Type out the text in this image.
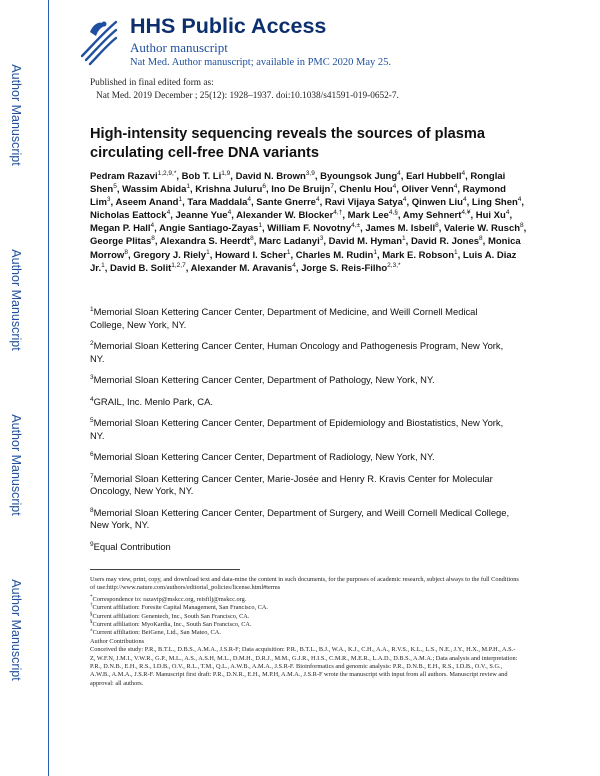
Author Manuscript
Author Manuscript
Author Manuscript
Author Manuscript
HHS Public Access
Author manuscript
Nat Med. Author manuscript; available in PMC 2020 May 25.
Published in final edited form as:
Nat Med. 2019 December ; 25(12): 1928–1937. doi:10.1038/s41591-019-0652-7.
High-intensity sequencing reveals the sources of plasma circulating cell-free DNA variants
Pedram Razavi$^{1,2,9,*}$, Bob T. Li$^{1,9}$, David N. Brown$^{3,9}$, Byoungsok Jung$^4$, Earl Hubbell$^4$, Ronglai Shen$^5$, Wassim Abida$^1$, Krishna Juluru$^6$, Ino De Bruijn$^7$, Chenlu Hou$^4$, Oliver Venn$^4$, Raymond Lim$^3$, Aseem Anand$^1$, Tara Maddala$^4$, Sante Gnerre$^4$, Ravi Vijaya Satya$^4$, Qinwen Liu$^4$, Ling Shen$^4$, Nicholas Eattock$^4$, Jeanne Yue$^4$, Alexander W. Blocker$^{4,\dagger}$, Mark Lee$^{4,\S}$, Amy Sehnert$^{4,¥}$, Hui Xu$^4$, Megan P. Hall$^4$, Angie Santiago-Zayas$^1$, William F. Novotny$^{4,\pm}$, James M. Isbell$^8$, Valerie W. Rusch$^8$, George Plitas$^8$, Alexandra S. Heerdt$^8$, Marc Ladanyi$^3$, David M. Hyman$^1$, David R. Jones$^8$, Monica Morrow$^8$, Gregory J. Riely$^1$, Howard I. Scher$^1$, Charles M. Rudin$^1$, Mark E. Robson$^1$, Luis A. Diaz Jr.$^1$, David B. Solit$^{1,2,7}$, Alexander M. Aravanis$^4$, Jorge S. Reis-Filho$^{2,3,*}$
$^1$Memorial Sloan Kettering Cancer Center, Department of Medicine, and Weill Cornell Medical College, New York, NY.
$^2$Memorial Sloan Kettering Cancer Center, Human Oncology and Pathogenesis Program, New York, NY.
$^3$Memorial Sloan Kettering Cancer Center, Department of Pathology, New York, NY.
$^4$GRAIL, Inc. Menlo Park, CA.
$^5$Memorial Sloan Kettering Cancer Center, Department of Epidemiology and Biostatistics, New York, NY.
$^6$Memorial Sloan Kettering Cancer Center, Department of Radiology, New York, NY.
$^7$Memorial Sloan Kettering Cancer Center, Marie-Josée and Henry R. Kravis Center for Molecular Oncology, New York, NY.
$^8$Memorial Sloan Kettering Cancer Center, Department of Surgery, and Weill Cornell Medical College, New York, NY.
$^9$Equal Contribution

Users may view, print, copy, and download text and data-mine the content in such documents, for the purposes of academic research, subject always to the full Conditions of use:http://www.nature.com/authors/editorial_policies/license.html#terms

*Correspondence to: razavip@mskcc.org, reisfilj@mskcc.org.

†Current affiliation: Foresite Capital Management, San Francisco, CA.

§Current affiliation: Genentech, Inc., South San Francisco, CA.

¥Current affiliation: MyoKardia, Inc., South San Francisco, CA.

±Current affiliation: BeiGene, Ltd., San Mateo, CA.

Author Contributions

Conceived the study: P.R., B.T.L., D.B.S., A.M.A., J.S.R-F; Data acquisition: P.R., B.T.L., B.J., W.A., K.J., C.H., A.A., R.V.S., K.L., L.S., N.E., J.Y., H.X., M.P.H., A.S.-Z, W.F.N, J.M.I., V.W.R., G.P., M.L., A.S., A.S.H, M.L., D.M.H., D.R.J., M.M., G.J.R., H.I.S., C.M.R., M.E.R., L.A.D., D.B.S., A.M.A.; Data analysis and interpretation: P.R., D.N.B., E.H., R.S., I.D.B., O.V., R.L., T.M., Q.L., A.W.B., A.M.A., J.S.R-F. Bioinformatics and genomic analysis: P.R., D.N.B., E.H., R.S., I.D.B., O.V., S.G., A.W.B., A.M.A., J.S.R-F. Manuscript first draft: P.R., D.N.R., E.H., M.P.H, A.M.A., J.S.R-F wrote the manuscript with input from all authors. Manuscript review and approval: all authors.
